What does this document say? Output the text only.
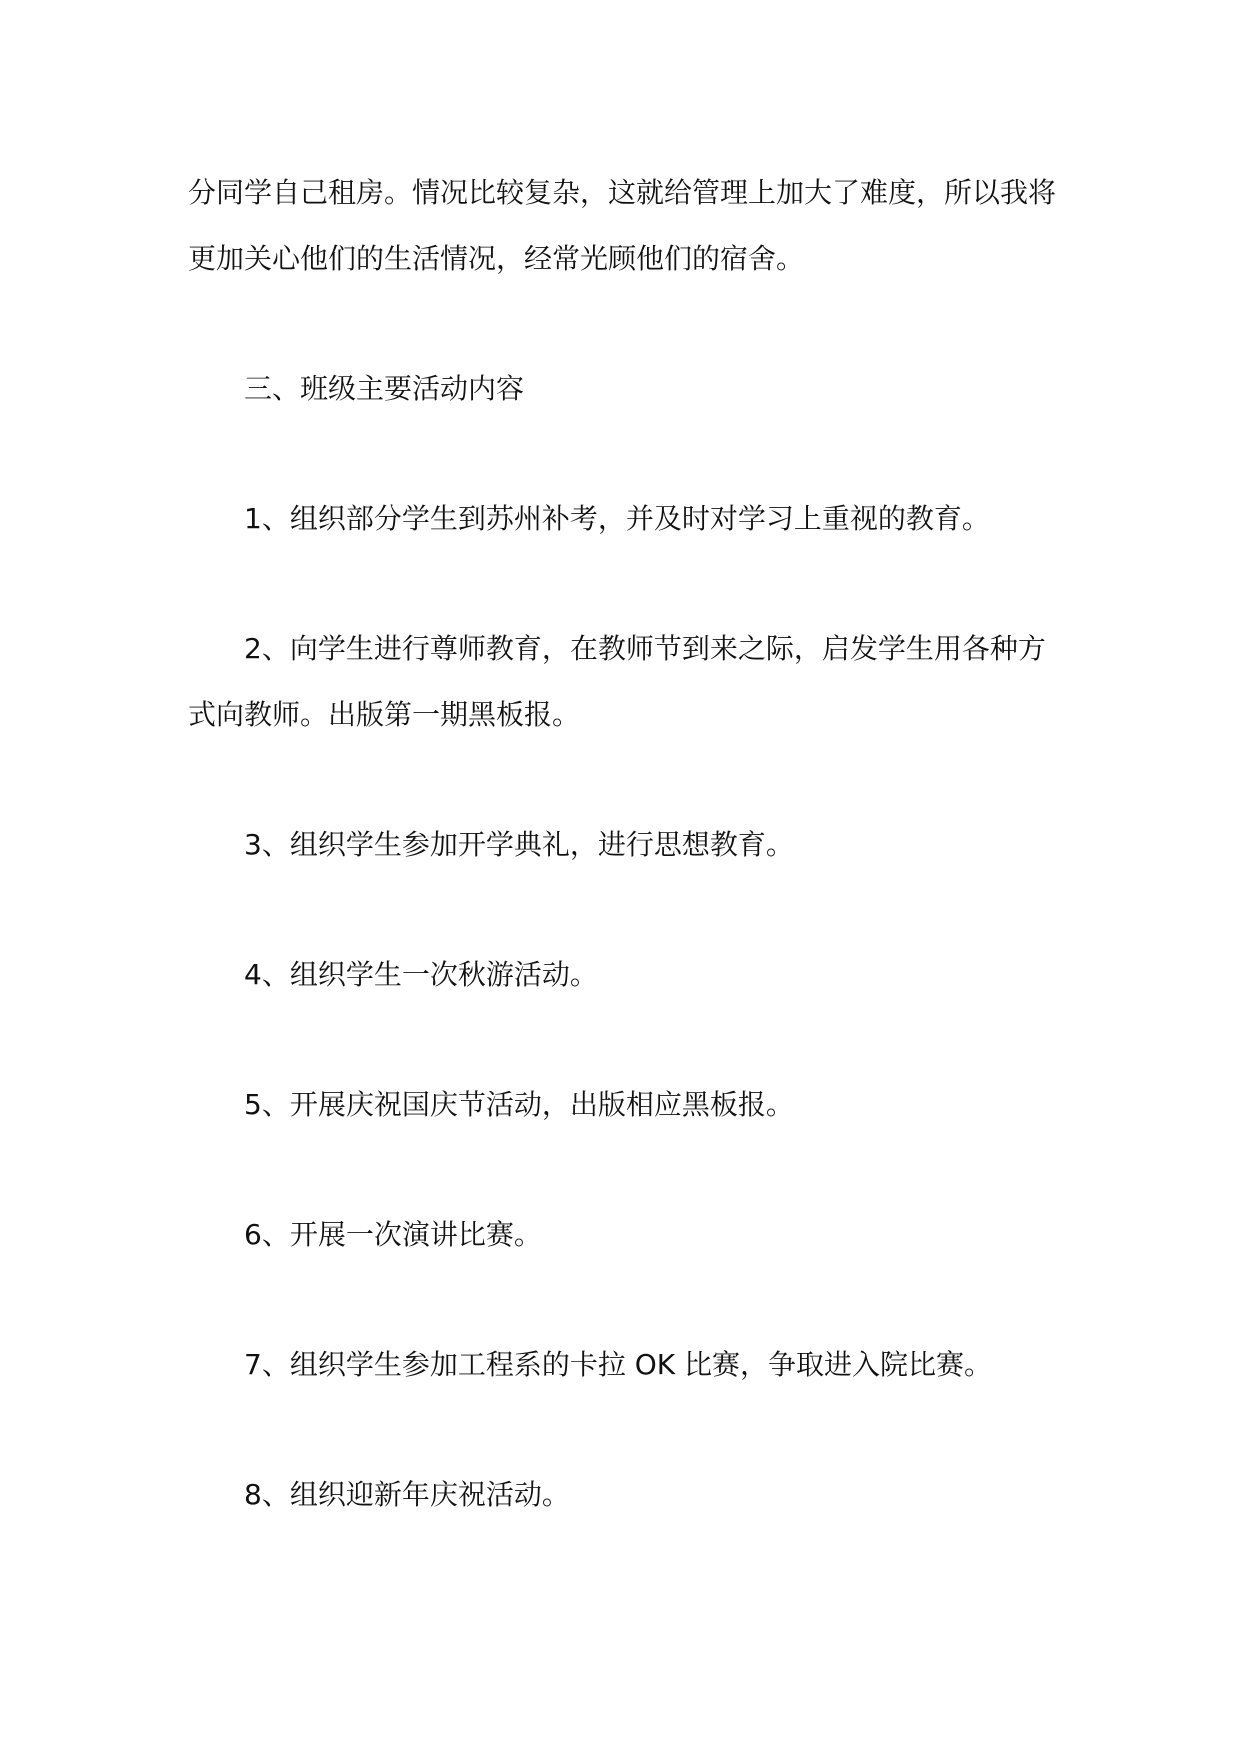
分同学自己租房。情况比较复杂，这就给管理上加大了难度，所以我将更加关心他们的生活情况，经常光顾他们的宿舍。

三、班级主要活动内容

1、组织部分学生到苏州补考，并及时对学习上重视的教育。

2、向学生进行尊师教育，在教师节到来之际，启发学生用各种方式向教师。出版第一期黑板报。

3、组织学生参加开学典礼，进行思想教育。

4、组织学生一次秋游活动。

5、开展庆祝国庆节活动，出版相应黑板报。

6、开展一次演讲比赛。

7、组织学生参加工程系的卡拉 OK 比赛，争取进入院比赛。

8、组织迎新年庆祝活动。
